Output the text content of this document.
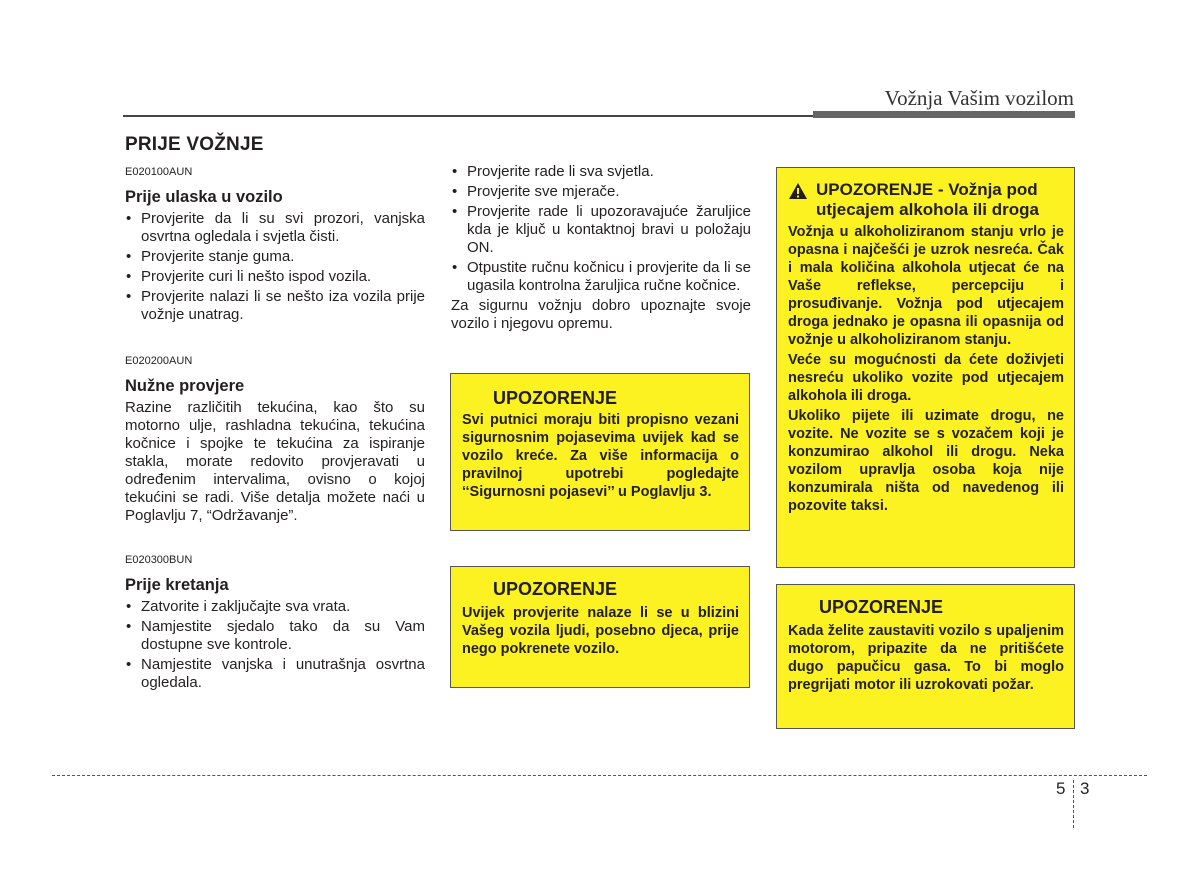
Vožnja Vašim vozilom
PRIJE VOŽNJE
E020100AUN
Prije ulaska u vozilo
• Provjerite da li su svi prozori, vanjska osvrtna ogledala i svjetla čisti.
• Provjerite stanje guma.
• Provjerite curi li nešto ispod vozila.
• Provjerite nalazi li se nešto iza vozila prije vožnje unatrag.
E020200AUN
Nužne provjere

Razine različitih tekućina, kao što su motorno ulje, rashladna tekućina, tekućina kočnice i spojke te tekućina za ispiranje stakla, morate redovito provjeravati u određenim intervalima, ovisno o kojoj tekućini se radi. Više detalja možete naći u Poglavlju 7, “Održavanje”.

E020300BUN
Prije kretanja
• Zatvorite i zaključajte sva vrata.
• Namjestite sjedalo tako da su Vam dostupne sve kontrole.
• Namjestite vanjska i unutrašnja osvrtna ogledala.
• Provjerite rade li sva svjetla.
• Provjerite sve mjerače.
• Provjerite rade li upozoravajuće žaruljice kda je ključ u kontaktnoj bravi u položaju ON.
• Otpustite ručnu kočnicu i provjerite da li se ugasila kontrolna žaruljica ručne kočnice.

Za sigurnu vožnju dobro upoznajte svoje vozilo i njegovu opremu.

UPOZORENJE

Svi putnici moraju biti propisno vezani sigurnosnim pojasevima uvijek kad se vozilo kreće. Za više informacija o pravilnoj upotrebi pogledajte ‘‘Sigurnosni pojasevi’’ u Poglavlju 3.

UPOZORENJE

Uvijek provjerite nalaze li se u blizini Vašeg vozila ljudi, posebno djeca, prije nego pokrenete vozilo.

UPOZORENJE - Vožnja pod utjecajem alkohola ili droga

Vožnja u alkoholiziranom stanju vrlo je opasna i najčešći je uzrok nesreća. Čak i mala količina alkohola utjecat će na Vaše reflekse, percepciju i prosuđivanje. Vožnja pod utjecajem droga jednako je opasna ili opasnija od vožnje u alkoholiziranom stanju.

Veće su mogućnosti da ćete doživjeti nesreću ukoliko vozite pod utjecajem alkohola ili droga.

Ukoliko pijete ili uzimate drogu, ne vozite. Ne vozite se s vozačem koji je konzumirao alkohol ili drogu. Neka vozilom upravlja osoba koja nije konzumirala ništa od navedenog ili pozovite taksi.

UPOZORENJE

Kada želite zaustaviti vozilo s upaljenim motorom, pripazite da ne pritišćete dugo papučicu gasa. To bi moglo pregrijati motor ili uzrokovati požar.

5 3
